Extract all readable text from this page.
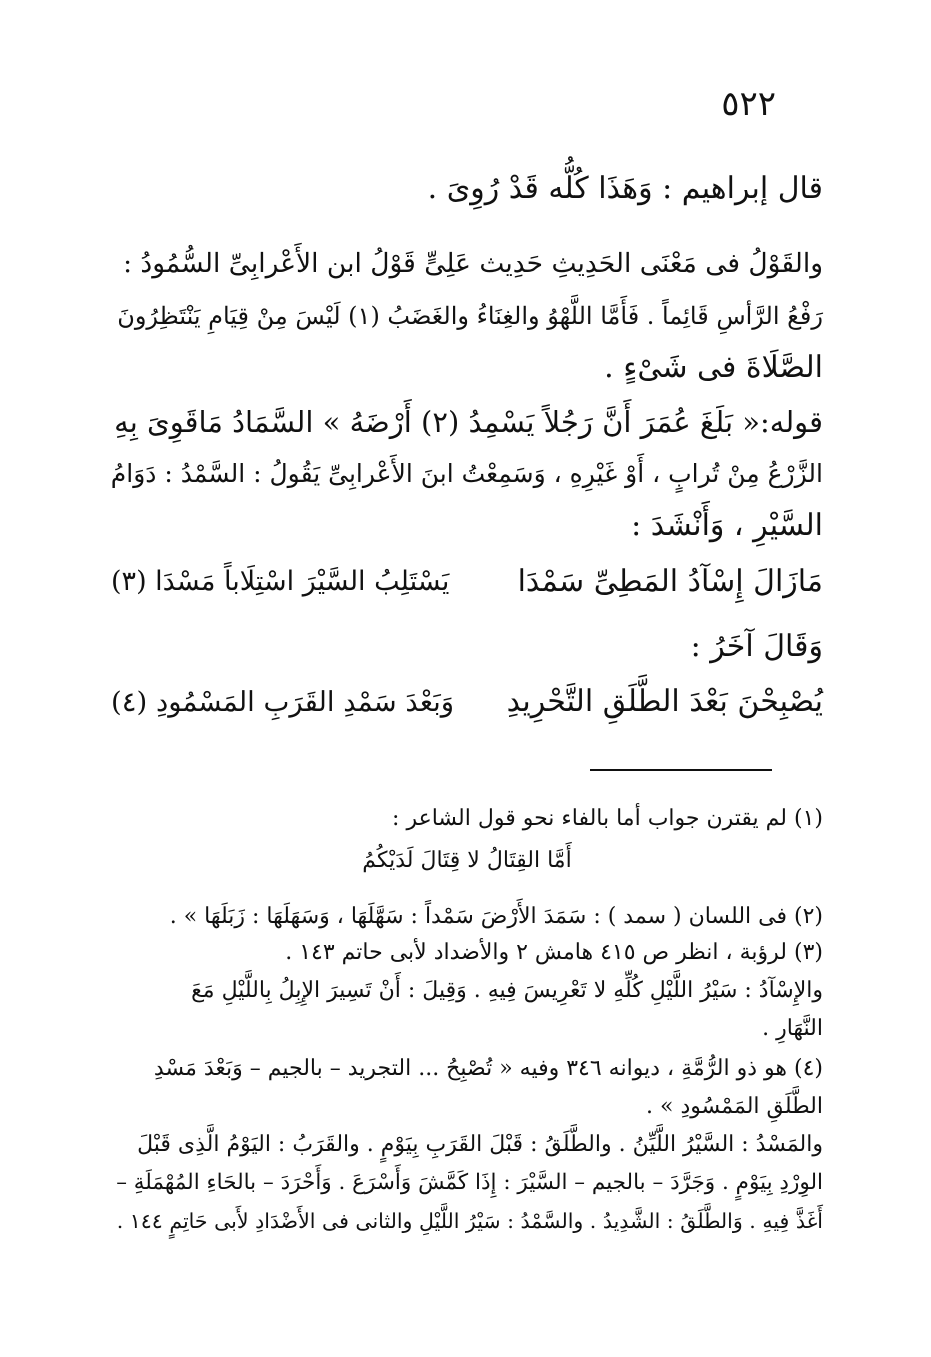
٥٢٢
قال إبراهيم : وَهَذَا كُلُّه قَدْ رُوِىَ .
والقَوْلُ فى مَعْنَى الحَدِيثِ حَدِيث عَلِىٍّ قَوْلُ ابن الأَعْرابِىِّ السُّمُودُ :
رَفْعُ الرَّأسِ قَائِماً . فَأَمَّا اللَّهْوُ والغِنَاءُ والغَضَبُ (١) لَيْسَ مِنْ قِيَامِ يَنْتَظِرُونَ
الصَّلَاةَ فى شَىْءٍ .
قوله:« بَلَغَ عُمَرَ أَنَّ رَجُلاً يَسْمِدُ (٢) أَرْضَهُ » السَّمَادُ مَاقَوِىَ بِهِ
الزَّرْعُ مِنْ تُرابٍ ، أَوْ غَيْرِهِ ، وَسَمِعْتُ ابنَ الأَعْرابِىِّ يَقُولُ : السَّمْدُ : دَوَامُ
السَّيْرِ ، وَأَنْشَدَ :
مَازَالَ إِسْآدُ المَطِىِّ سَمْدَا
يَسْتَلِبُ السَّيْرَ اسْتِلَاباً مَسْدَا (٣)
وَقَالَ آخَرُ :
يُصْبِحْنَ بَعْدَ الطَّلَقِ التَّحْرِيدِ
وَبَعْدَ سَمْدِ القَرَبِ المَسْمُودِ (٤)
(١) لم يقترن جواب أما بالفاء نحو قول الشاعر :
أَمَّا القِتَالُ لا قِتَالَ لَدَيْكُمُ
(٢) فى اللسان ( سمد ) : سَمَدَ الأَرْضَ سَمْداً : سَهَّلَهَا ، وَسَهَلَهَا : زَبَلَهَا » .
(٣) لرؤبة ، انظر ص ٤١٥ هامش ٢ والأضداد لأبى حاتم ١٤٣ .
والإِسْآدُ : سَيْرُ اللَّيْلِ كُلِّهِ لا تَعْرِيسَ فِيهِ . وَقِيلَ : أَنْ تَسِيرَ الإِبِلُ بِاللَّيْلِ مَعَ
النَّهَارِ .
(٤) هو ذو الرُّمَّةِ ، ديوانه ٣٤٦ وفيه « تُصْبِحُ ... التجريد – بالجيم – وَبَعْدَ مَسْدِ
الطَّلَقِ المَمْسُودِ » .
والمَسْدُ : السَّيْرُ اللَّيِّنُ . والطَّلَقُ : قَبْلَ القَرَبِ بِيَوْمٍ . والقَرَبُ : اليَوْمُ الَّذِى قَبْلَ
الوِرْدِ بِيَوْمٍ . وَجَرَّدَ – بالجيم – السَّيْرَ : إِذَا كَمَّشَ وَأَسْرَعَ . وَأَحْرَدَ – بالحَاءِ المُهْمَلَةِ –
أَغَذَّ فِيهِ . وَالطَّلَقُ : الشَّدِيدُ . والسَّمْدُ : سَيْرُ اللَّيْلِ والثانى فى الأَضْدَادِ لأَبى حَاتِمٍ ١٤٤ .
